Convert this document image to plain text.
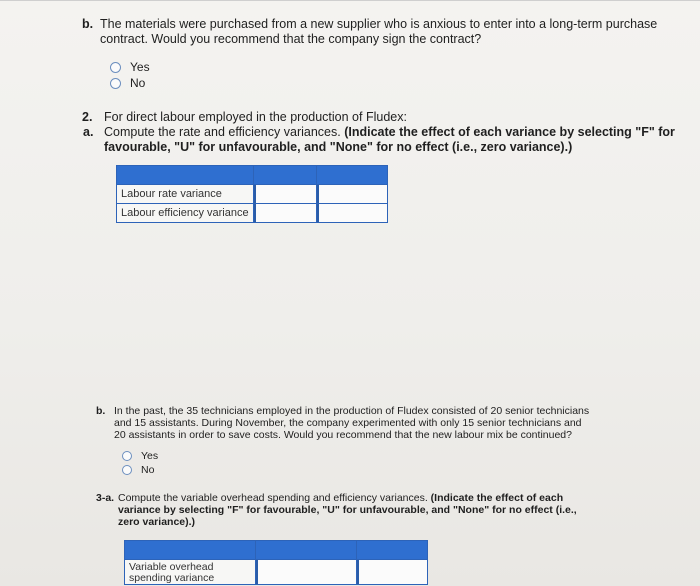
b. The materials were purchased from a new supplier who is anxious to enter into a long-term purchase
contract. Would you recommend that the company sign the contract?
Yes
No
2. For direct labour employed in the production of Fludex:
a. Compute the rate and efficiency variances. (Indicate the effect of each variance by selecting "F" for
favourable, "U" for unfavourable, and "None" for no effect (i.e., zero variance).)

Labour rate variance	

Labour efficiency variance	

b. In the past, the 35 technicians employed in the production of Fludex consisted of 20 senior technicians
and 15 assistants. During November, the company experimented with only 15 senior technicians and
20 assistants in order to save costs. Would you recommend that the new labour mix be continued?
Yes
No
3-a. Compute the variable overhead spending and efficiency variances. (Indicate the effect of each
variance by selecting "F" for favourable, "U" for unfavourable, and "None" for no effect (i.e.,
zero variance).)

Variable overhead spending variance	
